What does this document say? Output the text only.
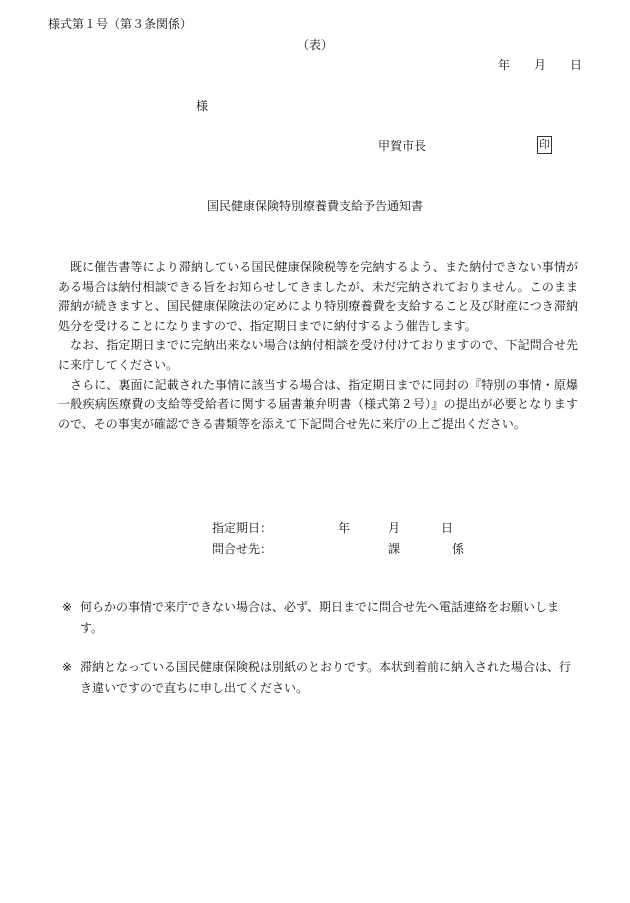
様式第１号（第３条関係）
（表）
年　　月　　日
様
甲賀市長	印
国民健康保険特別療養費支給予告通知書

既に催告書等により滞納している国民健康保険税等を完納するよう、また納付できない事情がある場合は納付相談できる旨をお知らせしてきましたが、未だ完納されておりません。このまま滞納が続きますと、国民健康保険法の定めにより特別療養費を支給すること及び財産につき滞納処分を受けることになりますので、指定期日までに納付するよう催告します。

なお、指定期日までに完納出来ない場合は納付相談を受け付けておりますので、下記問合せ先に来庁してください。

さらに、裏面に記載された事情に該当する場合は、指定期日までに同封の『特別の事情・原爆一般疾病医療費の支給等受給者に関する届書兼弁明書（様式第２号）』の提出が必要となりますので、その事実が確認できる書類等を添えて下記問合せ先に来庁の上ご提出ください。

指定期日：	年	月	日
問合せ先：	課	係
※ 何らかの事情で来庁できない場合は、必ず、期日までに問合せ先へ電話連絡をお願いします。
※ 滞納となっている国民健康保険税は別紙のとおりです。本状到着前に納入された場合は、行き違いですので直ちに申し出てください。
